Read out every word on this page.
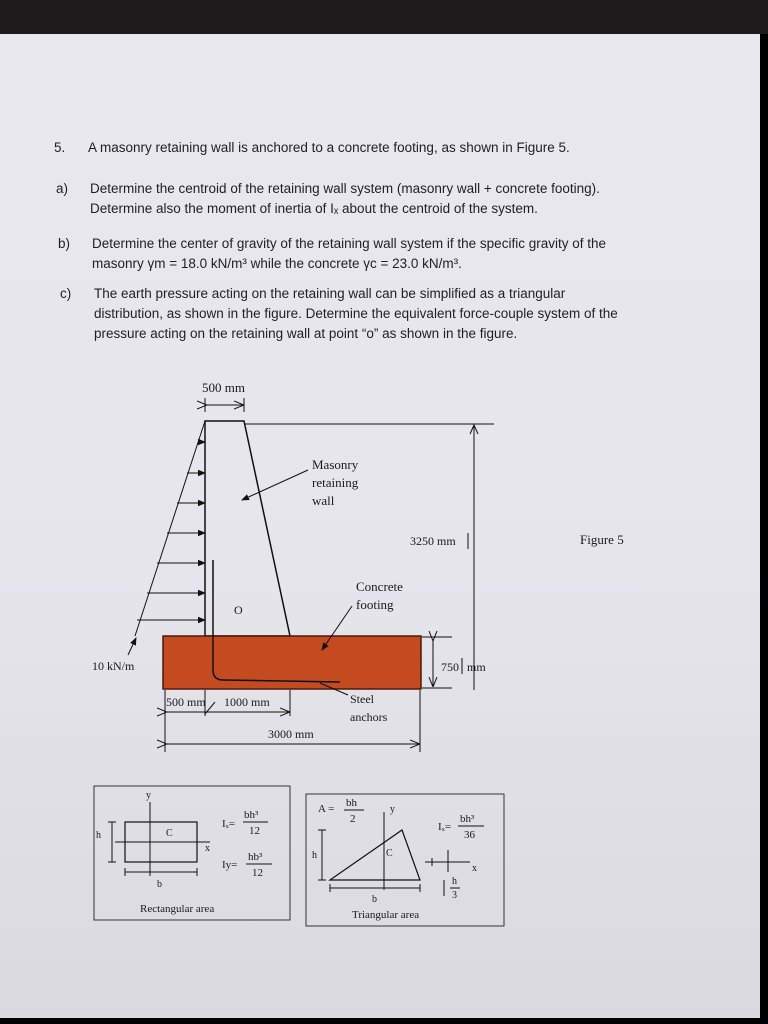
5. A masonry retaining wall is anchored to a concrete footing, as shown in Figure 5.
a) Determine the centroid of the retaining wall system (masonry wall + concrete footing).
Determine also the moment of inertia of Iₓ about the centroid of the system.
b) Determine the center of gravity of the retaining wall system if the specific gravity of the
masonry γm = 18.0 kN/m³ while the concrete γc = 23.0 kN/m³.
c) The earth pressure acting on the retaining wall can be simplified as a triangular
distribution, as shown in the figure. Determine the equivalent force-couple system of the
pressure acting on the retaining wall at point “o” as shown in the figure.
500 mm
3250 mm
Masonry
retaining
wall
Figure 5
O
10 kN/m
Concrete
footing
750 mm
Steel
anchors
500 mm 1000 mm
3000 mm
y
x
C
h
b
Iₓ=
bh³
12
Iy=
hb³
12
Rectangular area
A = bh
2
y
C
h
b
x
h
3
Iₓ=
bh³
36
Triangular area
